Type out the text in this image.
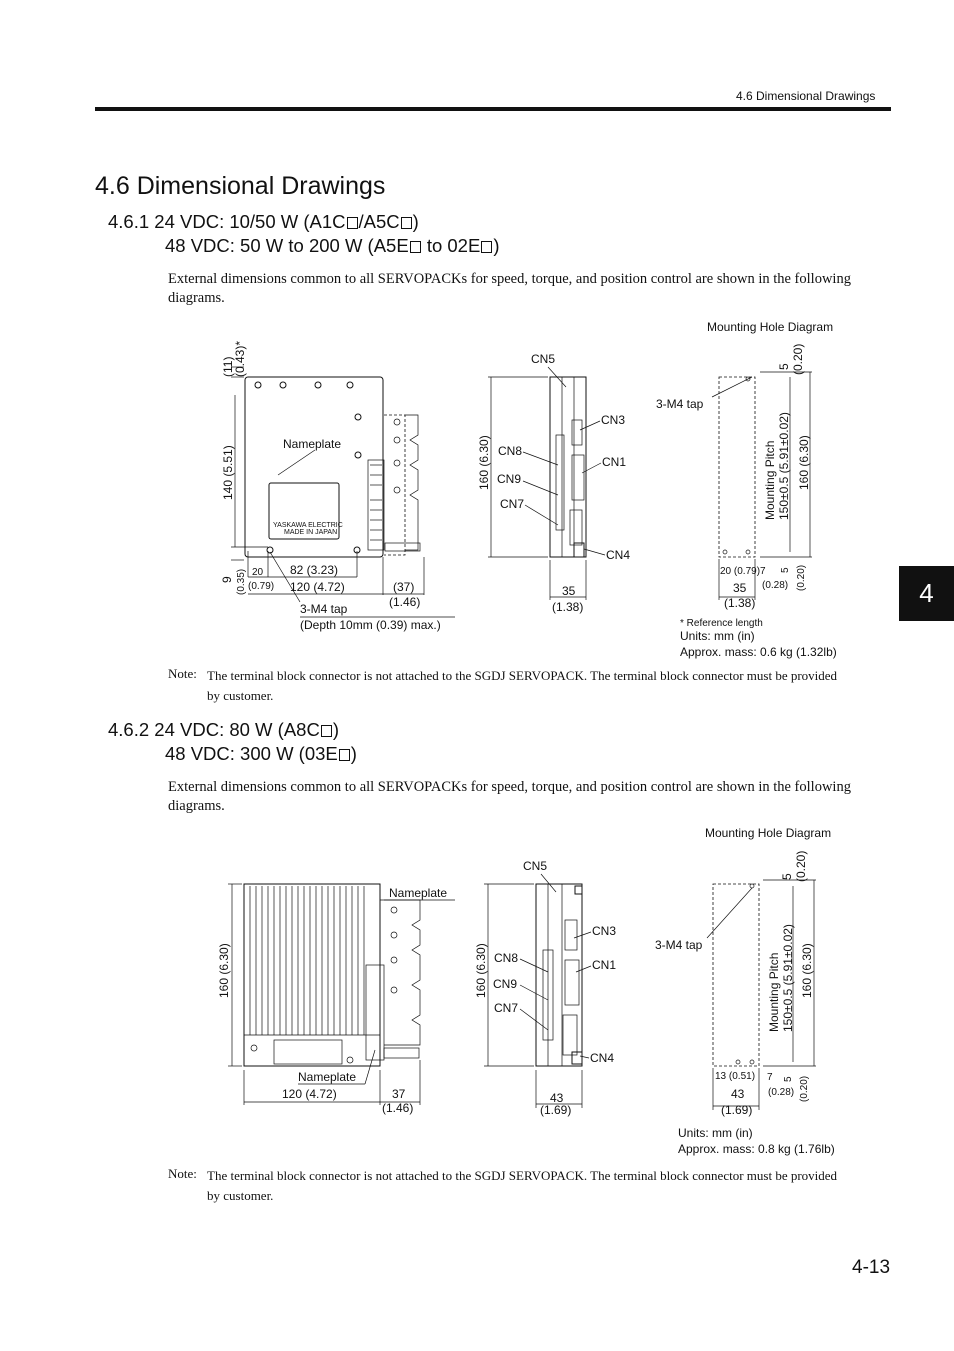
4.6 Dimensional Drawings
4
4.6 Dimensional Drawings
4.6.1 24 VDC: 10/50 W (A1C /A5C )
48 VDC: 50 W to 200 W (A5E to 02E )
External dimensions common to all SERVOPACKs for speed, torque, and position control are shown in the following diagrams.
YASKAWA ELECTRIC
MADE IN JAPAN
Nameplate
(11)
(0.43)*
140 (5.51)
9 (0.35) 20
(0.79)
82 (3.23)
120 (4.72)	(37)
(1.46)
3-M4 tap
(Depth 10mm (0.39) max.)
160 (6.30)
CN5
CN3
CN8
CN1
CN9
CN7
CN4
35
(1.38)
Mounting Hole Diagram
3-M4 tap
5 (0.20)
Mounting Pitch 150±0.5 (5.91±0.02) 160 (6.30)
20 (0.79) 7
(0.28)
5 (0.20)
35
(1.38)
* Reference length
Units: mm (in)
Approx. mass: 0.6 kg (1.32lb)
Note: The terminal block connector is not attached to the SGDJ SERVOPACK. The terminal block connector must be provided by customer.
4.6.2 24 VDC: 80 W (A8C )
48 VDC: 300 W (03E )
External dimensions common to all SERVOPACKs for speed, torque, and position control are shown in the following diagrams.
Nameplate
Nameplate
160 (6.30)
120 (4.72)	37
(1.46)
160 (6.30)
CN5
CN3
CN8	CN1
CN9
CN7
CN4
43
(1.69)
Mounting Hole Diagram
3-M4 tap
5 (0.20)
Mounting Pitch 150±0.5 (5.91±0.02) 160 (6.30)
13 (0.51) 7
(0.28)
5 (0.20)
43
(1.69)
Units: mm (in)
Approx. mass: 0.8 kg (1.76lb)
Note: The terminal block connector is not attached to the SGDJ SERVOPACK. The terminal block connector must be provided by customer.
4-13
